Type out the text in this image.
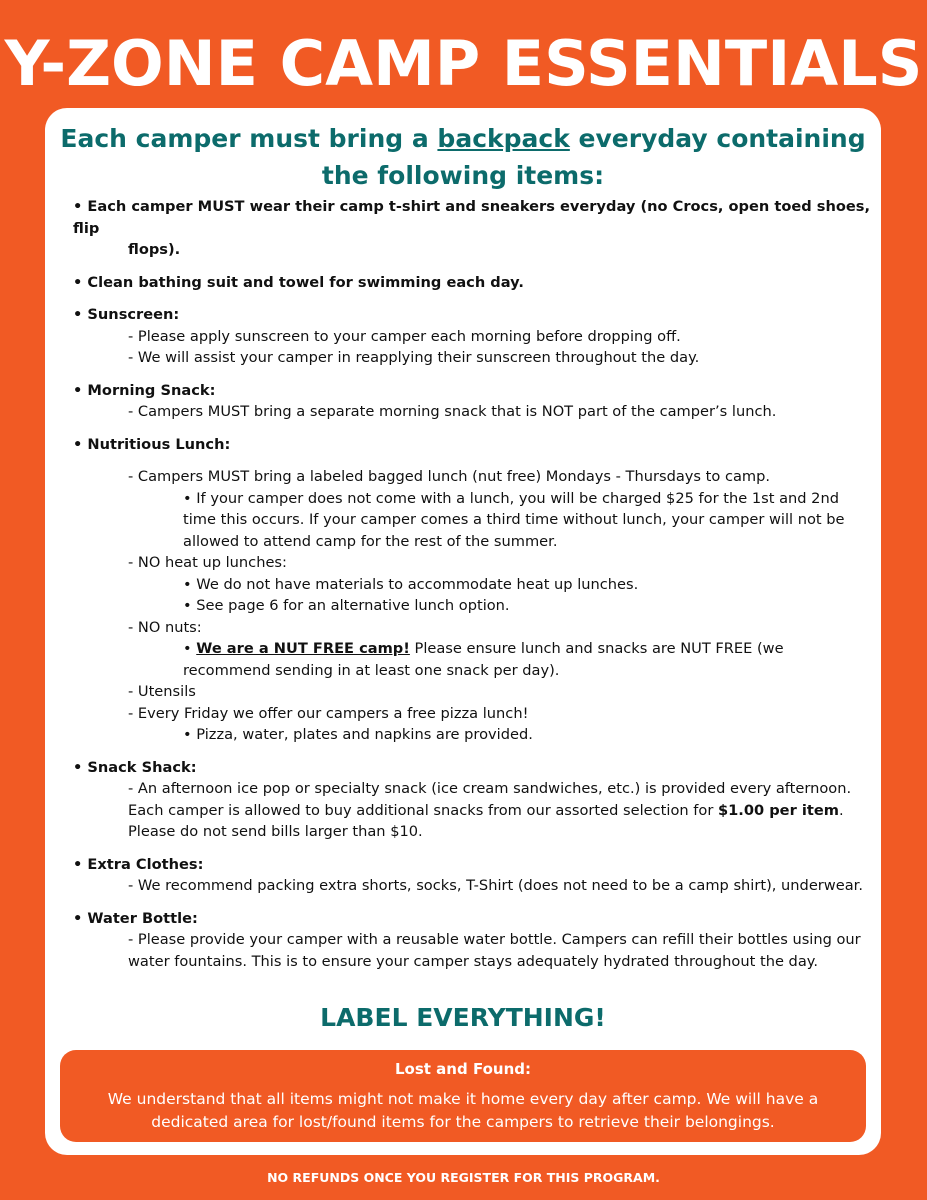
Y-ZONE CAMP ESSENTIALS
Each camper must bring a backpack everyday containing the following items:
• Each camper MUST wear their camp t-shirt and sneakers everyday (no Crocs, open toed shoes, flip
flops).
• Clean bathing suit and towel for swimming each day.
• Sunscreen:
- Please apply sunscreen to your camper each morning before dropping off.
- We will assist your camper in reapplying their sunscreen throughout the day.
• Morning Snack:
- Campers MUST bring a separate morning snack that is NOT part of the camper’s lunch.
• Nutritious Lunch:
- Campers MUST bring a labeled bagged lunch (nut free) Mondays - Thursdays to camp.
• If your camper does not come with a lunch, you will be charged $25 for the 1st and 2nd time this occurs. If your camper comes a third time without lunch, your camper will not be allowed to attend camp for the rest of the summer.
- NO heat up lunches:
• We do not have materials to accommodate heat up lunches.
• See page 6 for an alternative lunch option.
- NO nuts:
• We are a NUT FREE camp! Please ensure lunch and snacks are NUT FREE (we recommend sending in at least one snack per day).
- Utensils
- Every Friday we offer our campers a free pizza lunch!
• Pizza, water, plates and napkins are provided.
• Snack Shack:
- An afternoon ice pop or specialty snack (ice cream sandwiches, etc.) is provided every afternoon. Each camper is allowed to buy additional snacks from our assorted selection for $1.00 per item. Please do not send bills larger than $10.
• Extra Clothes:
- We recommend packing extra shorts, socks, T-Shirt (does not need to be a camp shirt), underwear.
• Water Bottle:
- Please provide your camper with a reusable water bottle. Campers can refill their bottles using our water fountains. This is to ensure your camper stays adequately hydrated throughout the day.
LABEL EVERYTHING!
Lost and Found:
We understand that all items might not make it home every day after camp. We will have a dedicated area for lost/found items for the campers to retrieve their belongings.
NO REFUNDS ONCE YOU REGISTER FOR THIS PROGRAM.
